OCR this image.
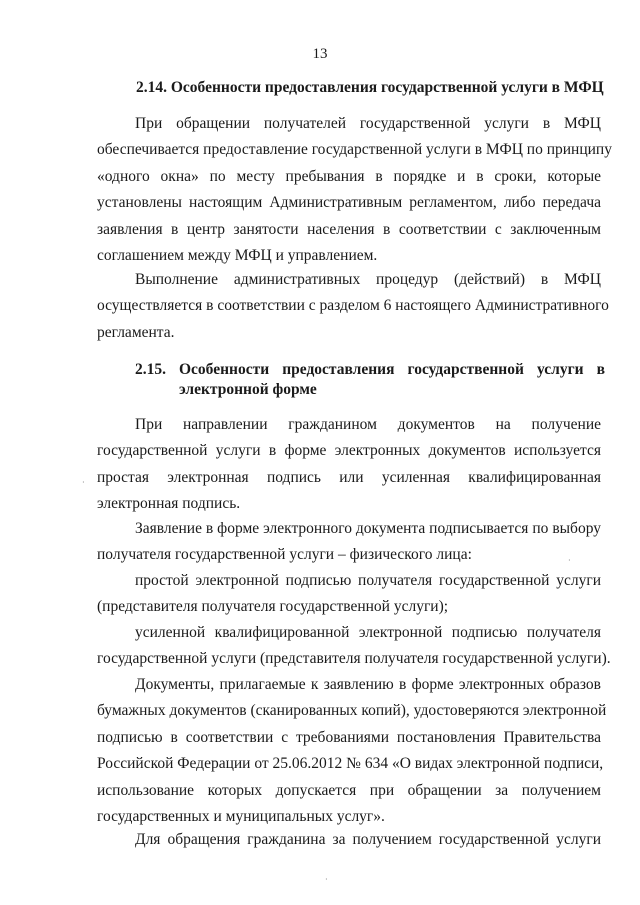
13
2.14. Особенности предоставления государственной услуги в МФЦ
При обращении получателей государственной услуги в МФЦ
обеспечивается предоставление государственной услуги в МФЦ по принципу
«одного окна» по месту пребывания в порядке и в сроки, которые
установлены настоящим Административным регламентом, либо передача
заявления в центр занятости населения в соответствии с заключенным
соглашением между МФЦ и управлением.
Выполнение административных процедур (действий) в МФЦ
осуществляется в соответствии с разделом 6 настоящего Административного
регламента.
2.15. Особенности предоставления государственной услуги в
электронной форме
При направлении гражданином документов на получение
государственной услуги в форме электронных документов используется
простая электронная подпись или усиленная квалифицированная
электронная подпись.
Заявление в форме электронного документа подписывается по выбору
получателя государственной услуги – физического лица:
простой электронной подписью получателя государственной услуги
(представителя получателя государственной услуги);
усиленной квалифицированной электронной подписью получателя
государственной услуги (представителя получателя государственной услуги).
Документы, прилагаемые к заявлению в форме электронных образов
бумажных документов (сканированных копий), удостоверяются электронной
подписью в соответствии с требованиями постановления Правительства
Российской Федерации от 25.06.2012 № 634 «О видах электронной подписи,
использование которых допускается при обращении за получением
государственных и муниципальных услуг».
Для обращения гражданина за получением государственной услуги
·
·
·
